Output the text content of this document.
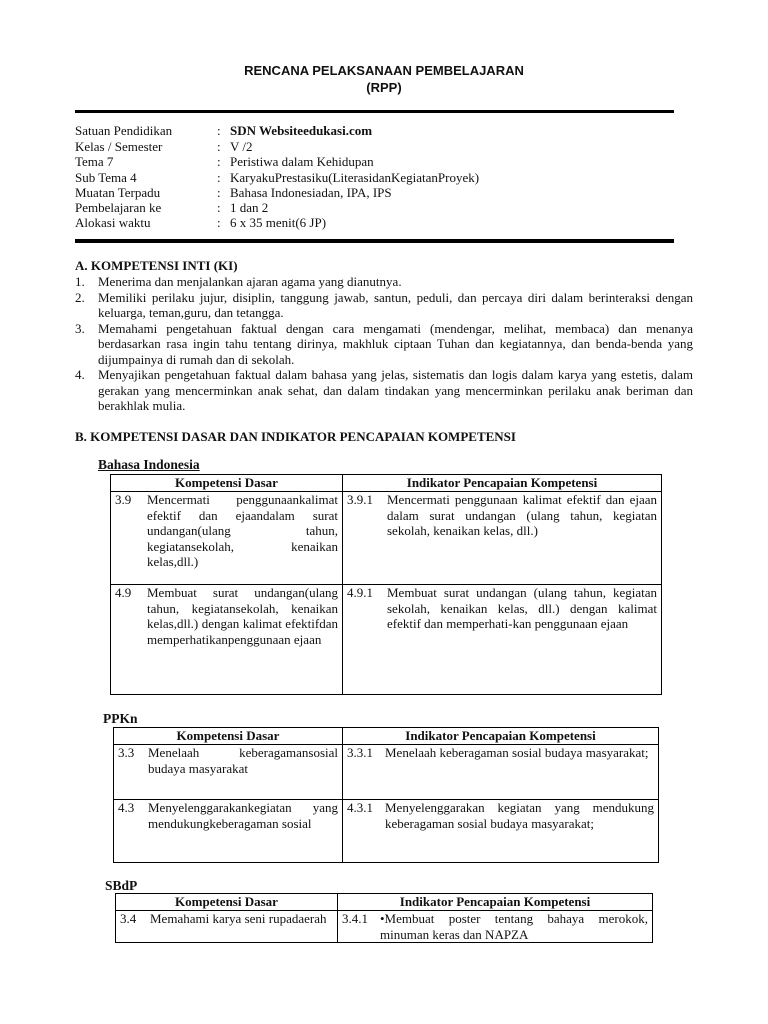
RENCANA PELAKSANAAN PEMBELAJARAN
(RPP)
Satuan Pendidikan	: SDN Websiteedukasi.com
Kelas / Semester	: V /2
Tema 7	: Peristiwa dalam Kehidupan
Sub Tema 4	: KaryakuPrestasiku(LiterasidanKegiatanProyek)
Muatan Terpadu	: Bahasa Indonesiadan, IPA, IPS
Pembelajaran ke	: 1 dan 2
Alokasi waktu	: 6 x 35 menit(6 JP)
A. KOMPETENSI INTI (KI)
1. Menerima dan menjalankan ajaran agama yang dianutnya.
2. Memiliki perilaku jujur, disiplin, tanggung jawab, santun, peduli, dan percaya diri dalam berinteraksi dengan keluarga, teman,guru, dan tetangga.
3. Memahami pengetahuan faktual dengan cara mengamati (mendengar, melihat, membaca) dan menanya berdasarkan rasa ingin tahu tentang dirinya, makhluk ciptaan Tuhan dan kegiatannya, dan benda-benda yang dijumpainya di rumah dan di sekolah.
4. Menyajikan pengetahuan faktual dalam bahasa yang jelas, sistematis dan logis dalam karya yang estetis, dalam gerakan yang mencerminkan anak sehat, dan dalam tindakan yang mencerminkan perilaku anak beriman dan berakhlak mulia.
B. KOMPETENSI DASAR DAN INDIKATOR PENCAPAIAN KOMPETENSI
Bahasa Indonesia
Kompetensi Dasar	Indikator Pencapaian Kompetensi

3.9 Mencermati penggunaankalimat efektif dan ejaandalam surat undangan(ulang tahun, kegiatansekolah, kenaikan kelas,dll.)	3.9.1 Mencermati penggunaan kalimat efektif dan ejaan dalam surat undangan (ulang tahun, kegiatan sekolah, kenaikan kelas, dll.)

4.9 Membuat surat undangan(ulang tahun, kegiatansekolah, kenaikan kelas,dll.) dengan kalimat efektifdan memperhatikanpenggunaan ejaan	4.9.1 Membuat surat undangan (ulang tahun, kegiatan sekolah, kenaikan kelas, dll.) dengan kalimat efektif dan memperhati-kan penggunaan ejaan
PPKn
Kompetensi Dasar	Indikator Pencapaian Kompetensi

3.3 Menelaah keberagamansosial budaya masyarakat	3.3.1 Menelaah keberagaman sosial budaya masyarakat;

4.3 Menyelenggarakankegiatan yang mendukungkeberagaman sosial	4.3.1 Menyelenggarakan kegiatan yang mendukung keberagaman sosial budaya masyarakat;
SBdP
Kompetensi Dasar	Indikator Pencapaian Kompetensi

3.4 Memahami karya seni rupadaerah	3.4.1 •Membuat poster tentang bahaya merokok, minuman keras dan NAPZA
